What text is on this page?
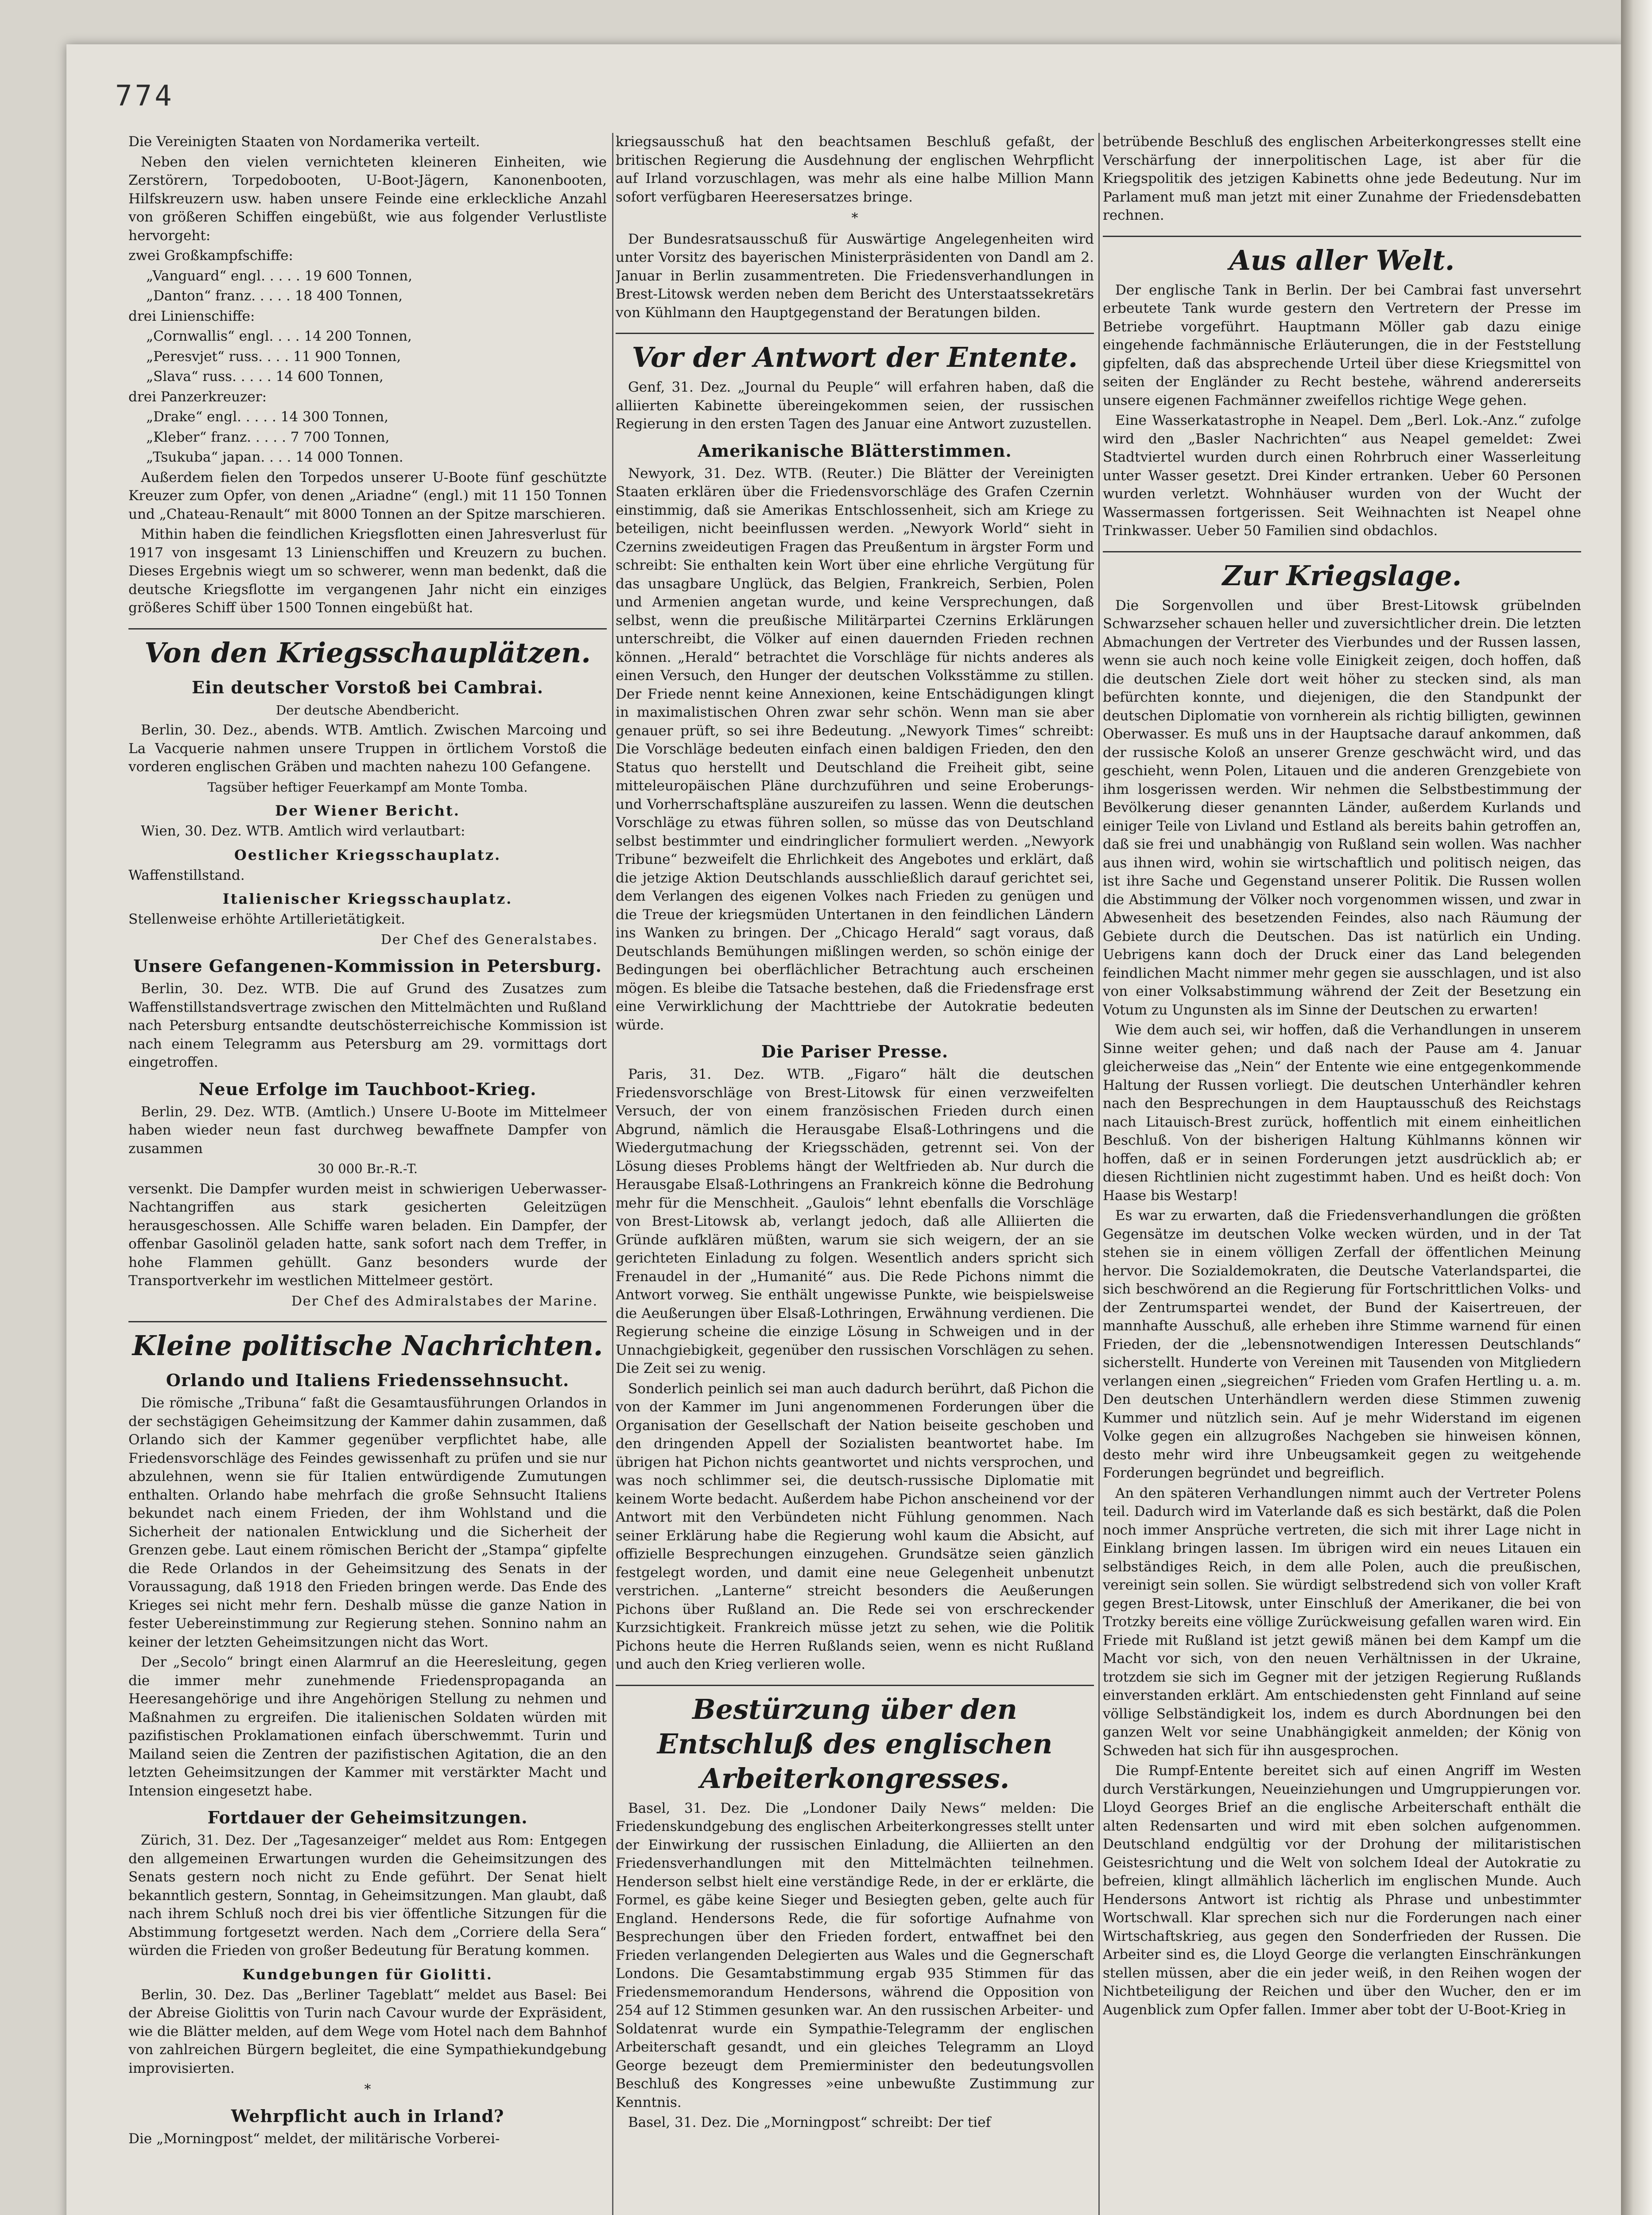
774

Die Vereinigten Staaten von Nordamerika verteilt.

Neben den vielen vernichteten kleineren Einheiten, wie Zerstörern, Torpedobooten, U-Boot-Jägern, Kanonenbooten, Hilfskreuzern usw. haben unsere Feinde eine erkleckliche Anzahl von größeren Schiffen eingebüßt, wie aus folgender Verlustliste hervorgeht:

zwei Großkampfschiffe:

„Vanguard“ engl. . . . . 19 600 Tonnen,

„Danton“ franz. . . . . 18 400 Tonnen,

drei Linienschiffe:

„Cornwallis“ engl. . . . 14 200 Tonnen,

„Peresvjet“ russ. . . . 11 900 Tonnen,

„Slava“ russ. . . . . 14 600 Tonnen,

drei Panzerkreuzer:

„Drake“ engl. . . . . 14 300 Tonnen,

„Kleber“ franz. . . . . 7 700 Tonnen,

„Tsukuba“ japan. . . . 14 000 Tonnen.

Außerdem fielen den Torpedos unserer U-Boote fünf geschützte Kreuzer zum Opfer, von denen „Ariadne“ (engl.) mit 11 150 Tonnen und „Chateau-Renault“ mit 8000 Tonnen an der Spitze marschieren.

Mithin haben die feindlichen Kriegsflotten einen Jahresverlust für 1917 von insgesamt 13 Linienschiffen und Kreuzern zu buchen. Dieses Ergebnis wiegt um so schwerer, wenn man bedenkt, daß die deutsche Kriegsflotte im vergangenen Jahr nicht ein einziges größeres Schiff über 1500 Tonnen eingebüßt hat.

Von den Kriegsschauplätzen.
Ein deutscher Vorstoß bei Cambrai.
Der deutsche Abendbericht.

Berlin, 30. Dez., abends. WTB. Amtlich. Zwischen Marcoing und La Vacquerie nahmen unsere Truppen in örtlichem Vorstoß die vorderen englischen Gräben und machten nahezu 100 Gefangene.

Tagsüber heftiger Feuerkampf am Monte Tomba.
Der Wiener Bericht.

Wien, 30. Dez. WTB. Amtlich wird verlautbart:

Oestlicher Kriegsschauplatz.

Waffenstillstand.

Italienischer Kriegsschauplatz.

Stellenweise erhöhte Artillerietätigkeit.

Der Chef des Generalstabes.
Unsere Gefangenen-Kommission in Petersburg.

Berlin, 30. Dez. WTB. Die auf Grund des Zusatzes zum Waffenstillstandsvertrage zwischen den Mittelmächten und Rußland nach Petersburg entsandte deutschösterreichische Kommission ist nach einem Telegramm aus Petersburg am 29. vormittags dort eingetroffen.

Neue Erfolge im Tauchboot-Krieg.

Berlin, 29. Dez. WTB. (Amtlich.) Unsere U-Boote im Mittelmeer haben wieder neun fast durchweg bewaffnete Dampfer von zusammen

30 000 Br.-R.-T.

versenkt. Die Dampfer wurden meist in schwierigen Ueberwasser-Nachtangriffen aus stark gesicherten Geleitzügen herausgeschossen. Alle Schiffe waren beladen. Ein Dampfer, der offenbar Gasolinöl geladen hatte, sank sofort nach dem Treffer, in hohe Flammen gehüllt. Ganz besonders wurde der Transportverkehr im westlichen Mittelmeer gestört.

Der Chef des Admiralstabes der Marine.
Kleine politische Nachrichten.
Orlando und Italiens Friedenssehnsucht.

Die römische „Tribuna“ faßt die Gesamtausführungen Orlandos in der sechstägigen Geheimsitzung der Kammer dahin zusammen, daß Orlando sich der Kammer gegenüber verpflichtet habe, alle Friedensvorschläge des Feindes gewissenhaft zu prüfen und sie nur abzulehnen, wenn sie für Italien entwürdigende Zumutungen enthalten. Orlando habe mehrfach die große Sehnsucht Italiens bekundet nach einem Frieden, der ihm Wohlstand und die Sicherheit der nationalen Entwicklung und die Sicherheit der Grenzen gebe. Laut einem römischen Bericht der „Stampa“ gipfelte die Rede Orlandos in der Geheimsitzung des Senats in der Voraussagung, daß 1918 den Frieden bringen werde. Das Ende des Krieges sei nicht mehr fern. Deshalb müsse die ganze Nation in fester Uebereinstimmung zur Regierung stehen. Sonnino nahm an keiner der letzten Geheimsitzungen nicht das Wort.

Der „Secolo“ bringt einen Alarmruf an die Heeresleitung, gegen die immer mehr zunehmende Friedenspropaganda an Heeresangehörige und ihre Angehörigen Stellung zu nehmen und Maßnahmen zu ergreifen. Die italienischen Soldaten würden mit pazifistischen Proklamationen einfach überschwemmt. Turin und Mailand seien die Zentren der pazifistischen Agitation, die an den letzten Geheimsitzungen der Kammer mit verstärkter Macht und Intension eingesetzt habe.

Fortdauer der Geheimsitzungen.

Zürich, 31. Dez. Der „Tagesanzeiger“ meldet aus Rom: Entgegen den allgemeinen Erwartungen wurden die Geheimsitzungen des Senats gestern noch nicht zu Ende geführt. Der Senat hielt bekanntlich gestern, Sonntag, in Geheimsitzungen. Man glaubt, daß nach ihrem Schluß noch drei bis vier öffentliche Sitzungen für die Abstimmung fortgesetzt werden. Nach dem „Corriere della Sera“ würden die Frieden von großer Bedeutung für Beratung kommen.

Kundgebungen für Giolitti.

Berlin, 30. Dez. Das „Berliner Tageblatt“ meldet aus Basel: Bei der Abreise Giolittis von Turin nach Cavour wurde der Expräsident, wie die Blätter melden, auf dem Wege vom Hotel nach dem Bahnhof von zahlreichen Bürgern begleitet, die eine Sympathiekundgebung improvisierten.

*
Wehrpflicht auch in Irland?

Die „Morningpost“ meldet, der militärische Vorberei-

kriegsausschuß hat den beachtsamen Beschluß gefaßt, der britischen Regierung die Ausdehnung der englischen Wehrpflicht auf Irland vorzuschlagen, was mehr als eine halbe Million Mann sofort verfügbaren Heeresersatzes bringe.

*

Der Bundesratsausschuß für Auswärtige Angelegenheiten wird unter Vorsitz des bayerischen Ministerpräsidenten von Dandl am 2. Januar in Berlin zusammentreten. Die Friedensverhandlungen in Brest-Litowsk werden neben dem Bericht des Unterstaatssekretärs von Kühlmann den Hauptgegenstand der Beratungen bilden.

Vor der Antwort der Entente.

Genf, 31. Dez. „Journal du Peuple“ will erfahren haben, daß die alliierten Kabinette übereingekommen seien, der russischen Regierung in den ersten Tagen des Januar eine Antwort zuzustellen.

Amerikanische Blätterstimmen.

Newyork, 31. Dez. WTB. (Reuter.) Die Blätter der Vereinigten Staaten erklären über die Friedensvorschläge des Grafen Czernin einstimmig, daß sie Amerikas Entschlossenheit, sich am Kriege zu beteiligen, nicht beeinflussen werden. „Newyork World“ sieht in Czernins zweideutigen Fragen das Preußentum in ärgster Form und schreibt: Sie enthalten kein Wort über eine ehrliche Vergütung für das unsagbare Unglück, das Belgien, Frankreich, Serbien, Polen und Armenien angetan wurde, und keine Versprechungen, daß selbst, wenn die preußische Militärpartei Czernins Erklärungen unterschreibt, die Völker auf einen dauernden Frieden rechnen können. „Herald“ betrachtet die Vorschläge für nichts anderes als einen Versuch, den Hunger der deutschen Volksstämme zu stillen. Der Friede nennt keine Annexionen, keine Entschädigungen klingt in maximalistischen Ohren zwar sehr schön. Wenn man sie aber genauer prüft, so sei ihre Bedeutung. „Newyork Times“ schreibt: Die Vorschläge bedeuten einfach einen baldigen Frieden, den den Status quo herstellt und Deutschland die Freiheit gibt, seine mitteleuropäischen Pläne durchzuführen und seine Eroberungs- und Vorherrschaftspläne auszureifen zu lassen. Wenn die deutschen Vorschläge zu etwas führen sollen, so müsse das von Deutschland selbst bestimmter und eindringlicher formuliert werden. „Newyork Tribune“ bezweifelt die Ehrlichkeit des Angebotes und erklärt, daß die jetzige Aktion Deutschlands ausschließlich darauf gerichtet sei, dem Verlangen des eigenen Volkes nach Frieden zu genügen und die Treue der kriegsmüden Untertanen in den feindlichen Ländern ins Wanken zu bringen. Der „Chicago Herald“ sagt voraus, daß Deutschlands Bemühungen mißlingen werden, so schön einige der Bedingungen bei oberflächlicher Betrachtung auch erscheinen mögen. Es bleibe die Tatsache bestehen, daß die Friedensfrage erst eine Verwirklichung der Machttriebe der Autokratie bedeuten würde.

Die Pariser Presse.

Paris, 31. Dez. WTB. „Figaro“ hält die deutschen Friedensvorschläge von Brest-Litowsk für einen verzweifelten Versuch, der von einem französischen Frieden durch einen Abgrund, nämlich die Herausgabe Elsaß-Lothringens und die Wiedergutmachung der Kriegsschäden, getrennt sei. Von der Lösung dieses Problems hängt der Weltfrieden ab. Nur durch die Herausgabe Elsaß-Lothringens an Frankreich könne die Bedrohung mehr für die Menschheit. „Gaulois“ lehnt ebenfalls die Vorschläge von Brest-Litowsk ab, verlangt jedoch, daß alle Alliierten die Gründe aufklären müßten, warum sie sich weigern, der an sie gerichteten Einladung zu folgen. Wesentlich anders spricht sich Frenaudel in der „Humanité“ aus. Die Rede Pichons nimmt die Antwort vorweg. Sie enthält ungewisse Punkte, wie beispielsweise die Aeußerungen über Elsaß-Lothringen, Erwähnung verdienen. Die Regierung scheine die einzige Lösung in Schweigen und in der Unnachgiebigkeit, gegenüber den russischen Vorschlägen zu sehen. Die Zeit sei zu wenig.

Sonderlich peinlich sei man auch dadurch berührt, daß Pichon die von der Kammer im Juni angenommenen Forderungen über die Organisation der Gesellschaft der Nation beiseite geschoben und den dringenden Appell der Sozialisten beantwortet habe. Im übrigen hat Pichon nichts geantwortet und nichts versprochen, und was noch schlimmer sei, die deutsch-russische Diplomatie mit keinem Worte bedacht. Außerdem habe Pichon anscheinend vor der Antwort mit den Verbündeten nicht Fühlung genommen. Nach seiner Erklärung habe die Regierung wohl kaum die Absicht, auf offizielle Besprechungen einzugehen. Grundsätze seien gänzlich festgelegt worden, und damit eine neue Gelegenheit unbenutzt verstrichen. „Lanterne“ streicht besonders die Aeußerungen Pichons über Rußland an. Die Rede sei von erschreckender Kurzsichtigkeit. Frankreich müsse jetzt zu sehen, wie die Politik Pichons heute die Herren Rußlands seien, wenn es nicht Rußland und auch den Krieg verlieren wolle.

Bestürzung über den Entschluß des englischen Arbeiterkongresses.

Basel, 31. Dez. Die „Londoner Daily News“ melden: Die Friedenskundgebung des englischen Arbeiterkongresses stellt unter der Einwirkung der russischen Einladung, die Alliierten an den Friedensverhandlungen mit den Mittelmächten teilnehmen. Henderson selbst hielt eine verständige Rede, in der er erklärte, die Formel, es gäbe keine Sieger und Besiegten geben, gelte auch für England. Hendersons Rede, die für sofortige Aufnahme von Besprechungen über den Frieden fordert, entwaffnet bei den Frieden verlangenden Delegierten aus Wales und die Gegnerschaft Londons. Die Gesamtabstimmung ergab 935 Stimmen für das Friedensmemorandum Hendersons, während die Opposition von 254 auf 12 Stimmen gesunken war. An den russischen Arbeiter- und Soldatenrat wurde ein Sympathie-Telegramm der englischen Arbeiterschaft gesandt, und ein gleiches Telegramm an Lloyd George bezeugt dem Premierminister den bedeutungsvollen Beschluß des Kongresses »eine unbewußte Zustimmung zur Kenntnis.

Basel, 31. Dez. Die „Morningpost“ schreibt: Der tief

betrübende Beschluß des englischen Arbeiterkongresses stellt eine Verschärfung der innerpolitischen Lage, ist aber für die Kriegspolitik des jetzigen Kabinetts ohne jede Bedeutung. Nur im Parlament muß man jetzt mit einer Zunahme der Friedensdebatten rechnen.

Aus aller Welt.

Der englische Tank in Berlin. Der bei Cambrai fast unversehrt erbeutete Tank wurde gestern den Vertretern der Presse im Betriebe vorgeführt. Hauptmann Möller gab dazu einige eingehende fachmännische Erläuterungen, die in der Feststellung gipfelten, daß das absprechende Urteil über diese Kriegsmittel von seiten der Engländer zu Recht bestehe, während andererseits unsere eigenen Fachmänner zweifellos richtige Wege gehen.

Eine Wasserkatastrophe in Neapel. Dem „Berl. Lok.-Anz.“ zufolge wird den „Basler Nachrichten“ aus Neapel gemeldet: Zwei Stadtviertel wurden durch einen Rohrbruch einer Wasserleitung unter Wasser gesetzt. Drei Kinder ertranken. Ueber 60 Personen wurden verletzt. Wohnhäuser wurden von der Wucht der Wassermassen fortgerissen. Seit Weihnachten ist Neapel ohne Trinkwasser. Ueber 50 Familien sind obdachlos.

Zur Kriegslage.

Die Sorgenvollen und über Brest-Litowsk grübelnden Schwarzseher schauen heller und zuversichtlicher drein. Die letzten Abmachungen der Vertreter des Vierbundes und der Russen lassen, wenn sie auch noch keine volle Einigkeit zeigen, doch hoffen, daß die deutschen Ziele dort weit höher zu stecken sind, als man befürchten konnte, und diejenigen, die den Standpunkt der deutschen Diplomatie von vornherein als richtig billigten, gewinnen Oberwasser. Es muß uns in der Hauptsache darauf ankommen, daß der russische Koloß an unserer Grenze geschwächt wird, und das geschieht, wenn Polen, Litauen und die anderen Grenzgebiete von ihm losgerissen werden. Wir nehmen die Selbstbestimmung der Bevölkerung dieser genannten Länder, außerdem Kurlands und einiger Teile von Livland und Estland als bereits bahin getroffen an, daß sie frei und unabhängig von Rußland sein wollen. Was nachher aus ihnen wird, wohin sie wirtschaftlich und politisch neigen, das ist ihre Sache und Gegenstand unserer Politik. Die Russen wollen die Abstimmung der Völker noch vorgenommen wissen, und zwar in Abwesenheit des besetzenden Feindes, also nach Räumung der Gebiete durch die Deutschen. Das ist natürlich ein Unding. Uebrigens kann doch der Druck einer das Land belegenden feindlichen Macht nimmer mehr gegen sie ausschlagen, und ist also von einer Volksabstimmung während der Zeit der Besetzung ein Votum zu Ungunsten als im Sinne der Deutschen zu erwarten!

Wie dem auch sei, wir hoffen, daß die Verhandlungen in unserem Sinne weiter gehen; und daß nach der Pause am 4. Januar gleicherweise das „Nein“ der Entente wie eine entgegenkommende Haltung der Russen vorliegt. Die deutschen Unterhändler kehren nach den Besprechungen in dem Hauptausschuß des Reichstags nach Litauisch-Brest zurück, hoffentlich mit einem einheitlichen Beschluß. Von der bisherigen Haltung Kühlmanns können wir hoffen, daß er in seinen Forderungen jetzt ausdrücklich ab; er diesen Richtlinien nicht zugestimmt haben. Und es heißt doch: Von Haase bis Westarp!

Es war zu erwarten, daß die Friedensverhandlungen die größten Gegensätze im deutschen Volke wecken würden, und in der Tat stehen sie in einem völligen Zerfall der öffentlichen Meinung hervor. Die Sozialdemokraten, die Deutsche Vaterlandspartei, die sich beschwörend an die Regierung für Fortschrittlichen Volks- und der Zentrumspartei wendet, der Bund der Kaisertreuen, der mannhafte Ausschuß, alle erheben ihre Stimme warnend für einen Frieden, der die „lebensnotwendigen Interessen Deutschlands“ sicherstellt. Hunderte von Vereinen mit Tausenden von Mitgliedern verlangen einen „siegreichen“ Frieden vom Grafen Hertling u. a. m. Den deutschen Unterhändlern werden diese Stimmen zuwenig Kummer und nützlich sein. Auf je mehr Widerstand im eigenen Volke gegen ein allzugroßes Nachgeben sie hinweisen können, desto mehr wird ihre Unbeugsamkeit gegen zu weitgehende Forderungen begründet und begreiflich.

An den späteren Verhandlungen nimmt auch der Vertreter Polens teil. Dadurch wird im Vaterlande daß es sich bestärkt, daß die Polen noch immer Ansprüche vertreten, die sich mit ihrer Lage nicht in Einklang bringen lassen. Im übrigen wird ein neues Litauen ein selbständiges Reich, in dem alle Polen, auch die preußischen, vereinigt sein sollen. Sie würdigt selbstredend sich von voller Kraft gegen Brest-Litowsk, unter Einschluß der Amerikaner, die bei von Trotzky bereits eine völlige Zurückweisung gefallen waren wird. Ein Friede mit Rußland ist jetzt gewiß mänen bei dem Kampf um die Macht vor sich, von den neuen Verhältnissen in der Ukraine, trotzdem sie sich im Gegner mit der jetzigen Regierung Rußlands einverstanden erklärt. Am entschiedensten geht Finnland auf seine völlige Selbständigkeit los, indem es durch Abordnungen bei den ganzen Welt vor seine Unabhängigkeit anmelden; der König von Schweden hat sich für ihn ausgesprochen.

Die Rumpf-Entente bereitet sich auf einen Angriff im Westen durch Verstärkungen, Neueinziehungen und Umgruppierungen vor. Lloyd Georges Brief an die englische Arbeiterschaft enthält die alten Redensarten und wird mit eben solchen aufgenommen. Deutschland endgültig vor der Drohung der militaristischen Geistesrichtung und die Welt von solchem Ideal der Autokratie zu befreien, klingt allmählich lächerlich im englischen Munde. Auch Hendersons Antwort ist richtig als Phrase und unbestimmter Wortschwall. Klar sprechen sich nur die Forderungen nach einer Wirtschaftskrieg, aus gegen den Sonderfrieden der Russen. Die Arbeiter sind es, die Lloyd George die verlangten Einschränkungen stellen müssen, aber die ein jeder weiß, in den Reihen wogen der Nichtbeteiligung der Reichen und über den Wucher, den er im Augenblick zum Opfer fallen. Immer aber tobt der U-Boot-Krieg in
